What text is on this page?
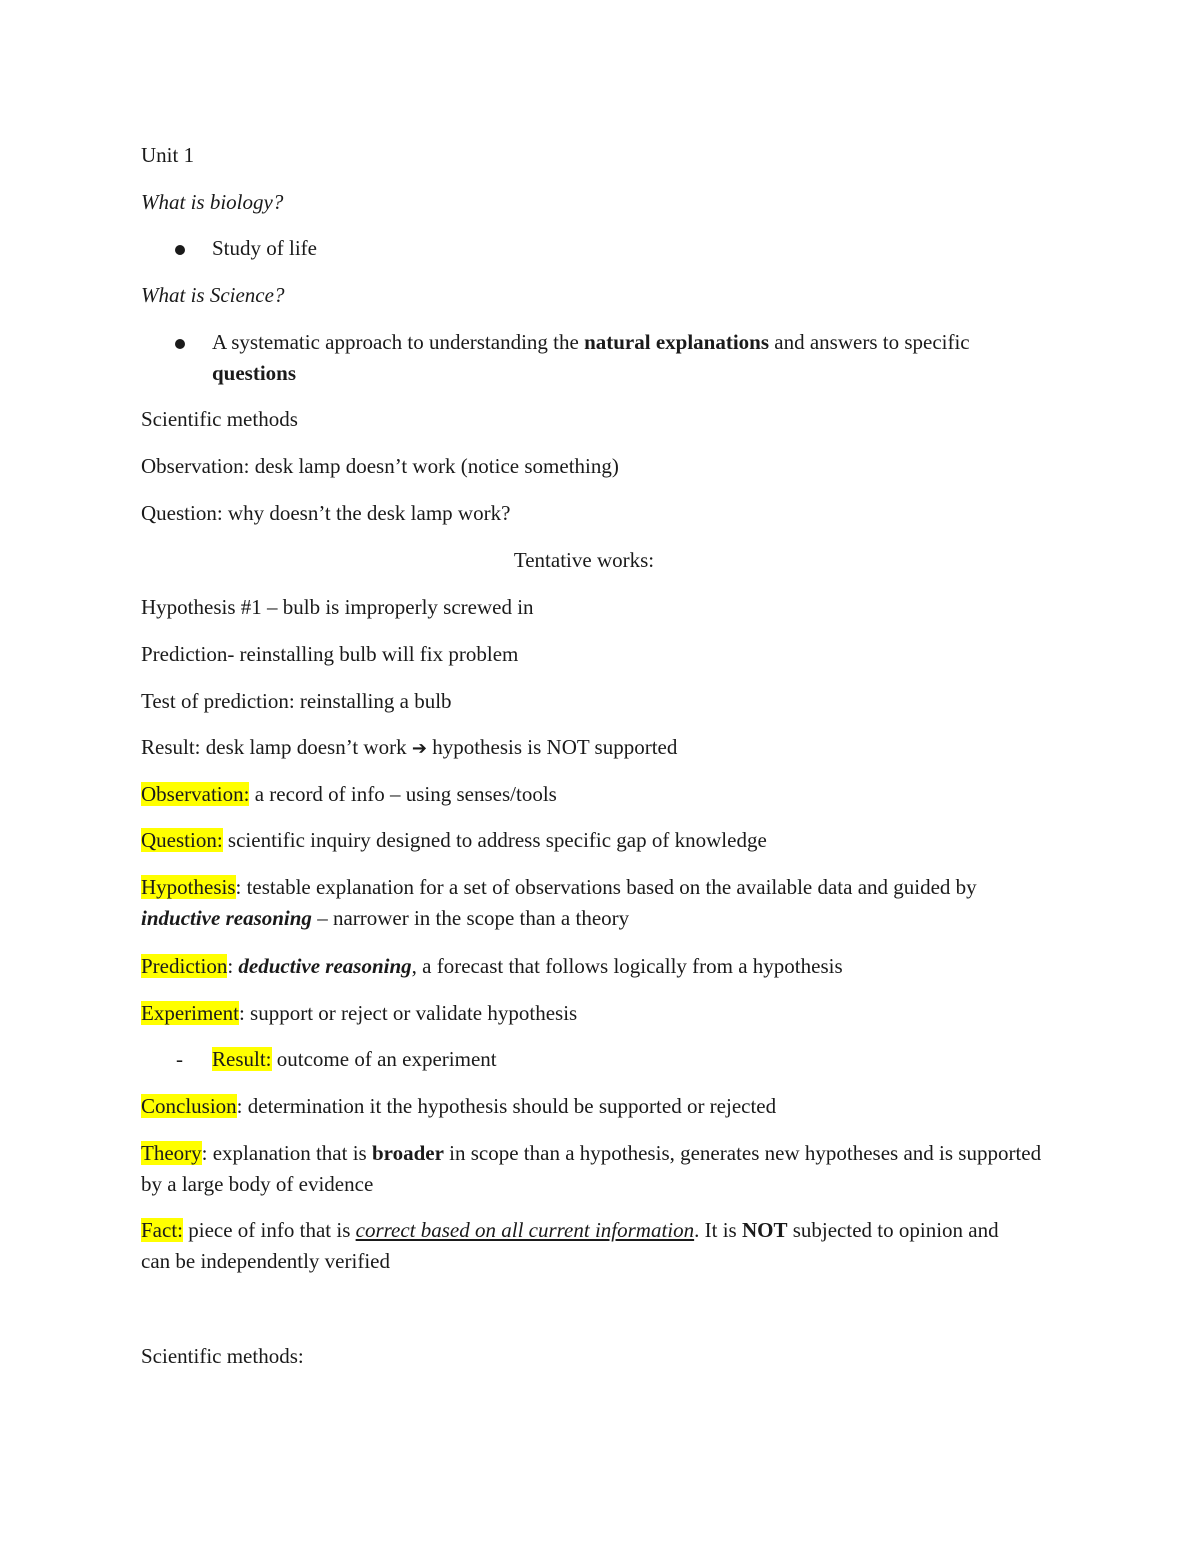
Unit 1
What is biology?
Study of life
What is Science?
A systematic approach to understanding the natural explanations and answers to specific questions
Scientific methods
Observation: desk lamp doesn’t work (notice something)
Question: why doesn’t the desk lamp work?
Tentative works:
Hypothesis #1 – bulb is improperly screwed in
Prediction- reinstalling bulb will fix problem
Test of prediction: reinstalling a bulb
Result: desk lamp doesn’t work ➔ hypothesis is NOT supported
Observation: a record of info – using senses/tools
Question: scientific inquiry designed to address specific gap of knowledge
Hypothesis: testable explanation for a set of observations based on the available data and guided by inductive reasoning – narrower in the scope than a theory
Prediction: deductive reasoning, a forecast that follows logically from a hypothesis
Experiment: support or reject or validate hypothesis
- Result: outcome of an experiment
Conclusion: determination it the hypothesis should be supported or rejected
Theory: explanation that is broader in scope than a hypothesis, generates new hypotheses and is supported by a large body of evidence
Fact: piece of info that is correct based on all current information. It is NOT subjected to opinion and can be independently verified
Scientific methods:
